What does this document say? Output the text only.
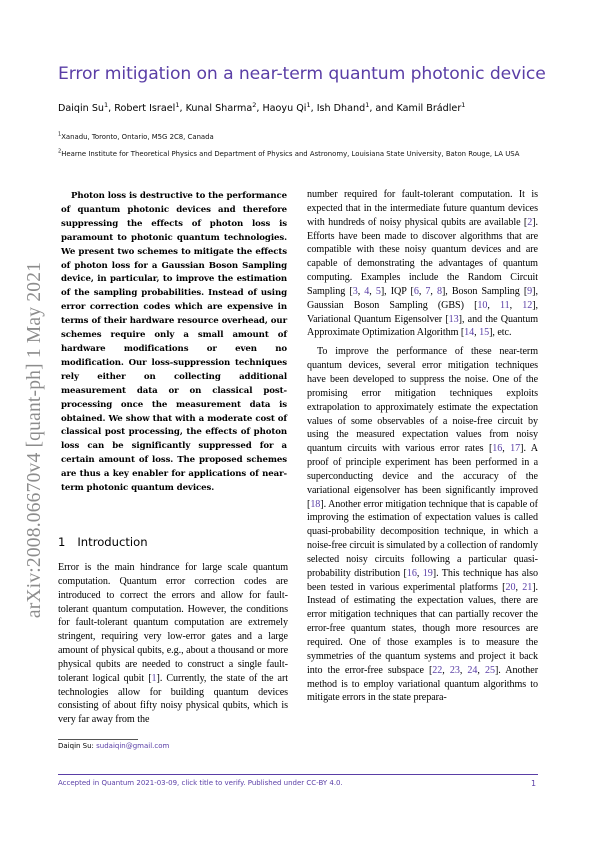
arXiv:2008.06670v4 [quant-ph] 1 May 2021
Error mitigation on a near-term quantum photonic device
Daiqin Su$^1$, Robert Israel$^1$, Kunal Sharma$^2$, Haoyu Qi$^1$, Ish Dhand$^1$, and Kamil Brádler$^1$
$^1$Xanadu, Toronto, Ontario, M5G 2C8, Canada
$^2$Hearne Institute for Theoretical Physics and Department of Physics and Astronomy, Louisiana State University, Baton Rouge, LA USA
Photon loss is destructive to the performance of quantum photonic devices and therefore suppressing the effects of photon loss is paramount to photonic quantum technologies. We present two schemes to mitigate the effects of photon loss for a Gaussian Boson Sampling device, in particular, to improve the estimation of the sampling probabilities. Instead of using error correction codes which are expensive in terms of their hardware resource overhead, our schemes require only a small amount of hardware modifications or even no modification. Our loss-suppression techniques rely either on collecting additional measurement data or on classical post-processing once the measurement data is obtained. We show that with a moderate cost of classical post processing, the effects of photon loss can be significantly suppressed for a certain amount of loss. The proposed schemes are thus a key enabler for applications of near-term photonic quantum devices.
1 Introduction
Error is the main hindrance for large scale quantum computation. Quantum error correction codes are introduced to correct the errors and allow for fault-tolerant quantum computation. However, the conditions for fault-tolerant quantum computation are extremely stringent, requiring very low-error gates and a large amount of physical qubits, e.g., about a thousand or more physical qubits are needed to construct a single fault-tolerant logical qubit [1]. Currently, the state of the art technologies allow for building quantum devices consisting of about fifty noisy physical qubits, which is very far away from the
Daiqin Su: sudaiqin@gmail.com

number required for fault-tolerant computation. It is expected that in the intermediate future quantum devices with hundreds of noisy physical qubits are available [2]. Efforts have been made to discover algorithms that are compatible with these noisy quantum devices and are capable of demonstrating the advantages of quantum computing. Examples include the Random Circuit Sampling [3, 4, 5], IQP [6, 7, 8], Boson Sampling [9], Gaussian Boson Sampling (GBS) [10, 11, 12], Variational Quantum Eigensolver [13], and the Quantum Approximate Optimization Algorithm [14, 15], etc.

To improve the performance of these near-term quantum devices, several error mitigation techniques have been developed to suppress the noise. One of the promising error mitigation techniques exploits extrapolation to approximately estimate the expectation values of some observables of a noise-free circuit by using the measured expectation values from noisy quantum circuits with various error rates [16, 17]. A proof of principle experiment has been performed in a superconducting device and the accuracy of the variational eigensolver has been significantly improved [18]. Another error mitigation technique that is capable of improving the estimation of expectation values is called quasi-probability decomposition technique, in which a noise-free circuit is simulated by a collection of randomly selected noisy circuits following a particular quasi-probability distribution [16, 19]. This technique has also been tested in various experimental platforms [20, 21]. Instead of estimating the expectation values, there are error mitigation techniques that can partially recover the error-free quantum states, though more resources are required. One of those examples is to measure the symmetries of the quantum systems and project it back into the error-free subspace [22, 23, 24, 25]. Another method is to employ variational quantum algorithms to mitigate errors in the state prepara-

Accepted in Quantum 2021-03-09, click title to verify. Published under CC-BY 4.0.	1
